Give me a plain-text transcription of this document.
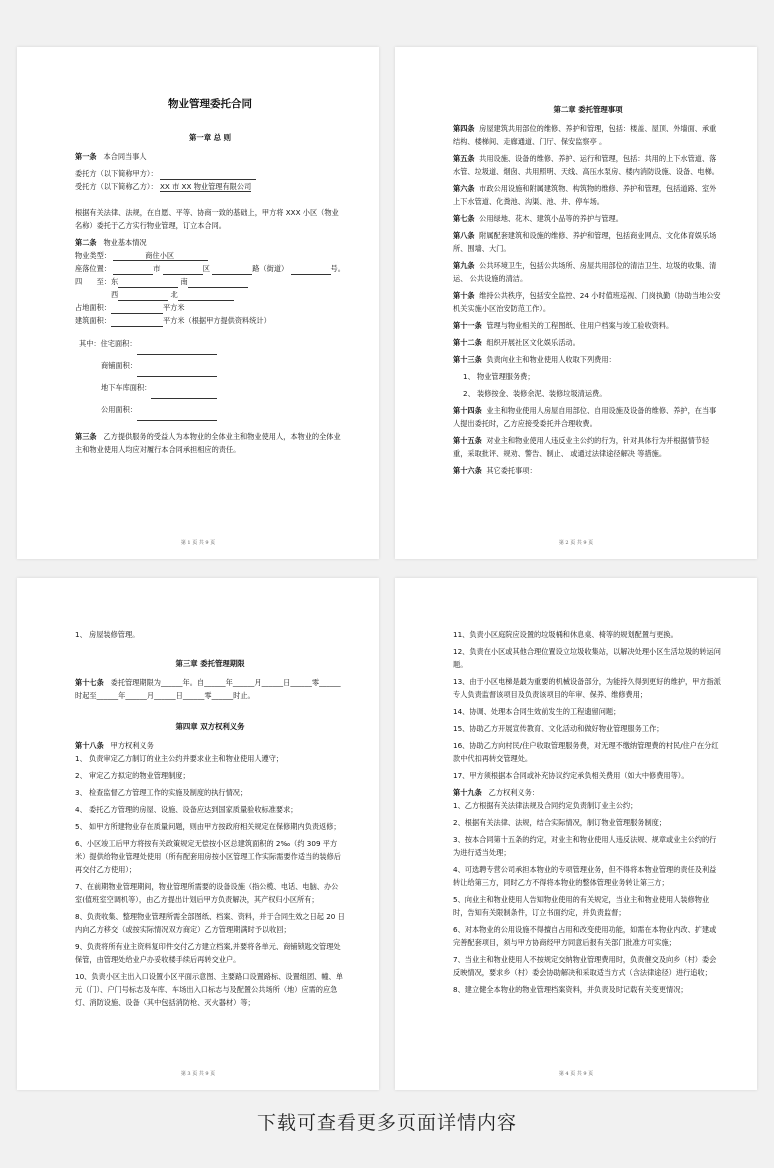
物业管理委托合同
第一章 总 则
第一条 本合同当事人
委托方（以下简称甲方）：
受托方（以下简称乙方）： XX 市 XX 物业管理有限公司
根据有关法律、法规，在自愿、平等、协商一致的基础上，甲方将 XXX 小区（物业名称）委托于乙方实行物业管理，订立本合同。
第二条 物业基本情况
物业类型：	商住小区
座落位置：	市	区	路（街道）	号。
四　　至：东	南
西	北
占地面积：	平方米
建筑面积：	平方米（根据甲方提供资料统计）
其中：住宅面积：
商铺面积：
地下车库面积：
公用面积：
第三条 乙方提供服务的受益人为本物业的全体业主和物业使用人，本物业的全体业主和物业使用人均应对履行本合同承担相应的责任。
第 1 页 共 9 页
第二章 委托管理事项
第四条 房屋建筑共用部位的维修、养护和管理，包括：楼盖、屋顶、外墙面、承重结构、楼梯间、走廊通道、门厅、保安监察亭 。
第五条 共用设施、设备的维修、养护、运行和管理，包括：共用的上下水管道、落水管、垃圾道、烟囱、共用照明、天线、高压水泵房、楼内消防设施、设备、电梯。
第六条 市政公用设施和附属建筑物、构筑物的维修、养护和管理，包括道路、室外上下水管道、化粪池、沟渠、池、井、停车场。
第七条 公用绿地、花木、建筑小品等的养护与管理。
第八条 附属配套建筑和设施的维修、养护和管理，包括商业网点、文化体育娱乐场所、围墙、大门。
第九条 公共环境卫生，包括公共场所、房屋共用部位的清洁卫生、垃圾的收集、清运、 公共设施的清洁。
第十条 维持公共秩序，包括安全监控、24 小时值班巡视、门岗执勤（协助当地公安机关实施小区治安防范工作）。
第十一条 管理与物业相关的工程图纸、住用户档案与竣工验收资料。
第十二条 组织开展社区文化娱乐活动。
第十三条 负责向业主和物业使用人收取下列费用：
1、 物业管理服务费；
2、 装修按金、装修余泥、装修垃圾清运费。
第十四条 业主和物业使用人房屋自用部位、自用设施及设备的维修、养护，在当事人提出委托时，乙方应接受委托并合理收费。
第十五条 对业主和物业使用人违反业主公约的行为，针对具体行为并根据情节轻重，采取批评、规劝、警告、制止、 或通过法律途径解决 等措施。
第十六条 其它委托事项：
第 2 页 共 9 页
1、 房屋装修管理。
第三章 委托管理期限
第十七条 委托管理期限为______年。自______年______月______日______零______时起至______年______月______日______零______时止。
第四章 双方权利义务
第十八条 甲方权利义务
1、 负责审定乙方制订的业主公约并要求业主和物业使用人遵守；
2、 审定乙方拟定的物业管理制度；
3、 检查监督乙方管理工作的实施及制度的执行情况；
4、 委托乙方管理的房屋、设施、设备应达到国家质量验收标准要求；
5、 如甲方所建物业存在质量问题，则由甲方按政府相关规定在保修期内负责返修；
6、小区竣工后甲方将按有关政策规定无偿按小区总建筑面积的 2‰（约 309 平方米）提供给物业管理处使用（所有配套用房按小区管理工作实际需要作适当的装修后再交付乙方使用）；
7、在前期物业管理期间，物业管理所需要的设备设施（指公榄、电话、电脑、办公室(值班室空调机等），由乙方提出计划后甲方负责解决，其产权归小区所有；
8、负责收集、整理物业管理所需全部图纸、档案、资料，并于合同生效之日起 20 日内向乙方移交（或按实际情况双方商定）乙方管理期满时予以收回；
9、负责将所有业主资料复印件交付乙方建立档案,并要将各单元、商铺锁匙交管理处保管，由管理处给业户办妥收楼手续后再转交业户。
10、负责小区主出入口设置小区平面示意图、主要路口设置路标、设置组团、幢、单元（门）、户门号标志及车库、车场出入口标志与及配置公共场所（地）应需的应急灯、消防设施、设备（其中包括消防枪、灭火器材）等；
第 3 页 共 9 页
11、负责小区庭院应设置的垃圾桶和休息桌、椅等的规划配置与更换。
12、负责在小区或其他合理位置设立垃圾收集站，以解决处理小区生活垃圾的转运问题。
13、由于小区电梯是最为重要的机械设备部分，为能持久得到更好的维护，甲方指派专人负责监督该项目及负责该项目的年审、保养、维修费用；
14、协调、处理本合同生效前发生的工程遗留问题；
15、协助乙方开展宣传教育、文化活动和做好物业管理服务工作；
16、协助乙方向村民/住户收取管理服务费，对无理不缴纳管理费的村民/住户在分红款中代扣再转交管理处。
17、甲方须根据本合同或补充协议约定承负相关费用（如大中修费用等）。
第十九条 乙方权利义务：
1、乙方根据有关法律法规及合同约定负责制订业主公约；
2、根据有关法律、法规，结合实际情况，制订物业管理服务制度；
3、按本合同第十五条的约定，对业主和物业使用人违反法规、规章或业主公约的行为进行适当处理；
4、可选聘专营公司承担本物业的专项管理业务，但不得将本物业管理的责任及利益转让给第三方，同时乙方不得将本物业的整体管理业务转让第三方；
5、向业主和物业使用人告知物业使用的有关规定，当业主和物业使用人装修物业时，告知有关限制条件，订立书面约定，并负责监督；
6、对本物业的公用设施不得擅自占用和改变使用功能，如需在本物业内改、扩建或完善配套项目，须与甲方协商经甲方同意后报有关部门批准方可实施；
7、当业主和物业使用人不按规定交纳物业管理费用时，负责催交及向乡（村）委会反映情况，要求乡（村）委会协助解决和采取适当方式（含法律途径）进行追收；
8、建立健全本物业的物业管理档案资料，并负责及时记载有关变更情况；
第 4 页 共 9 页
下载可查看更多页面详情内容
